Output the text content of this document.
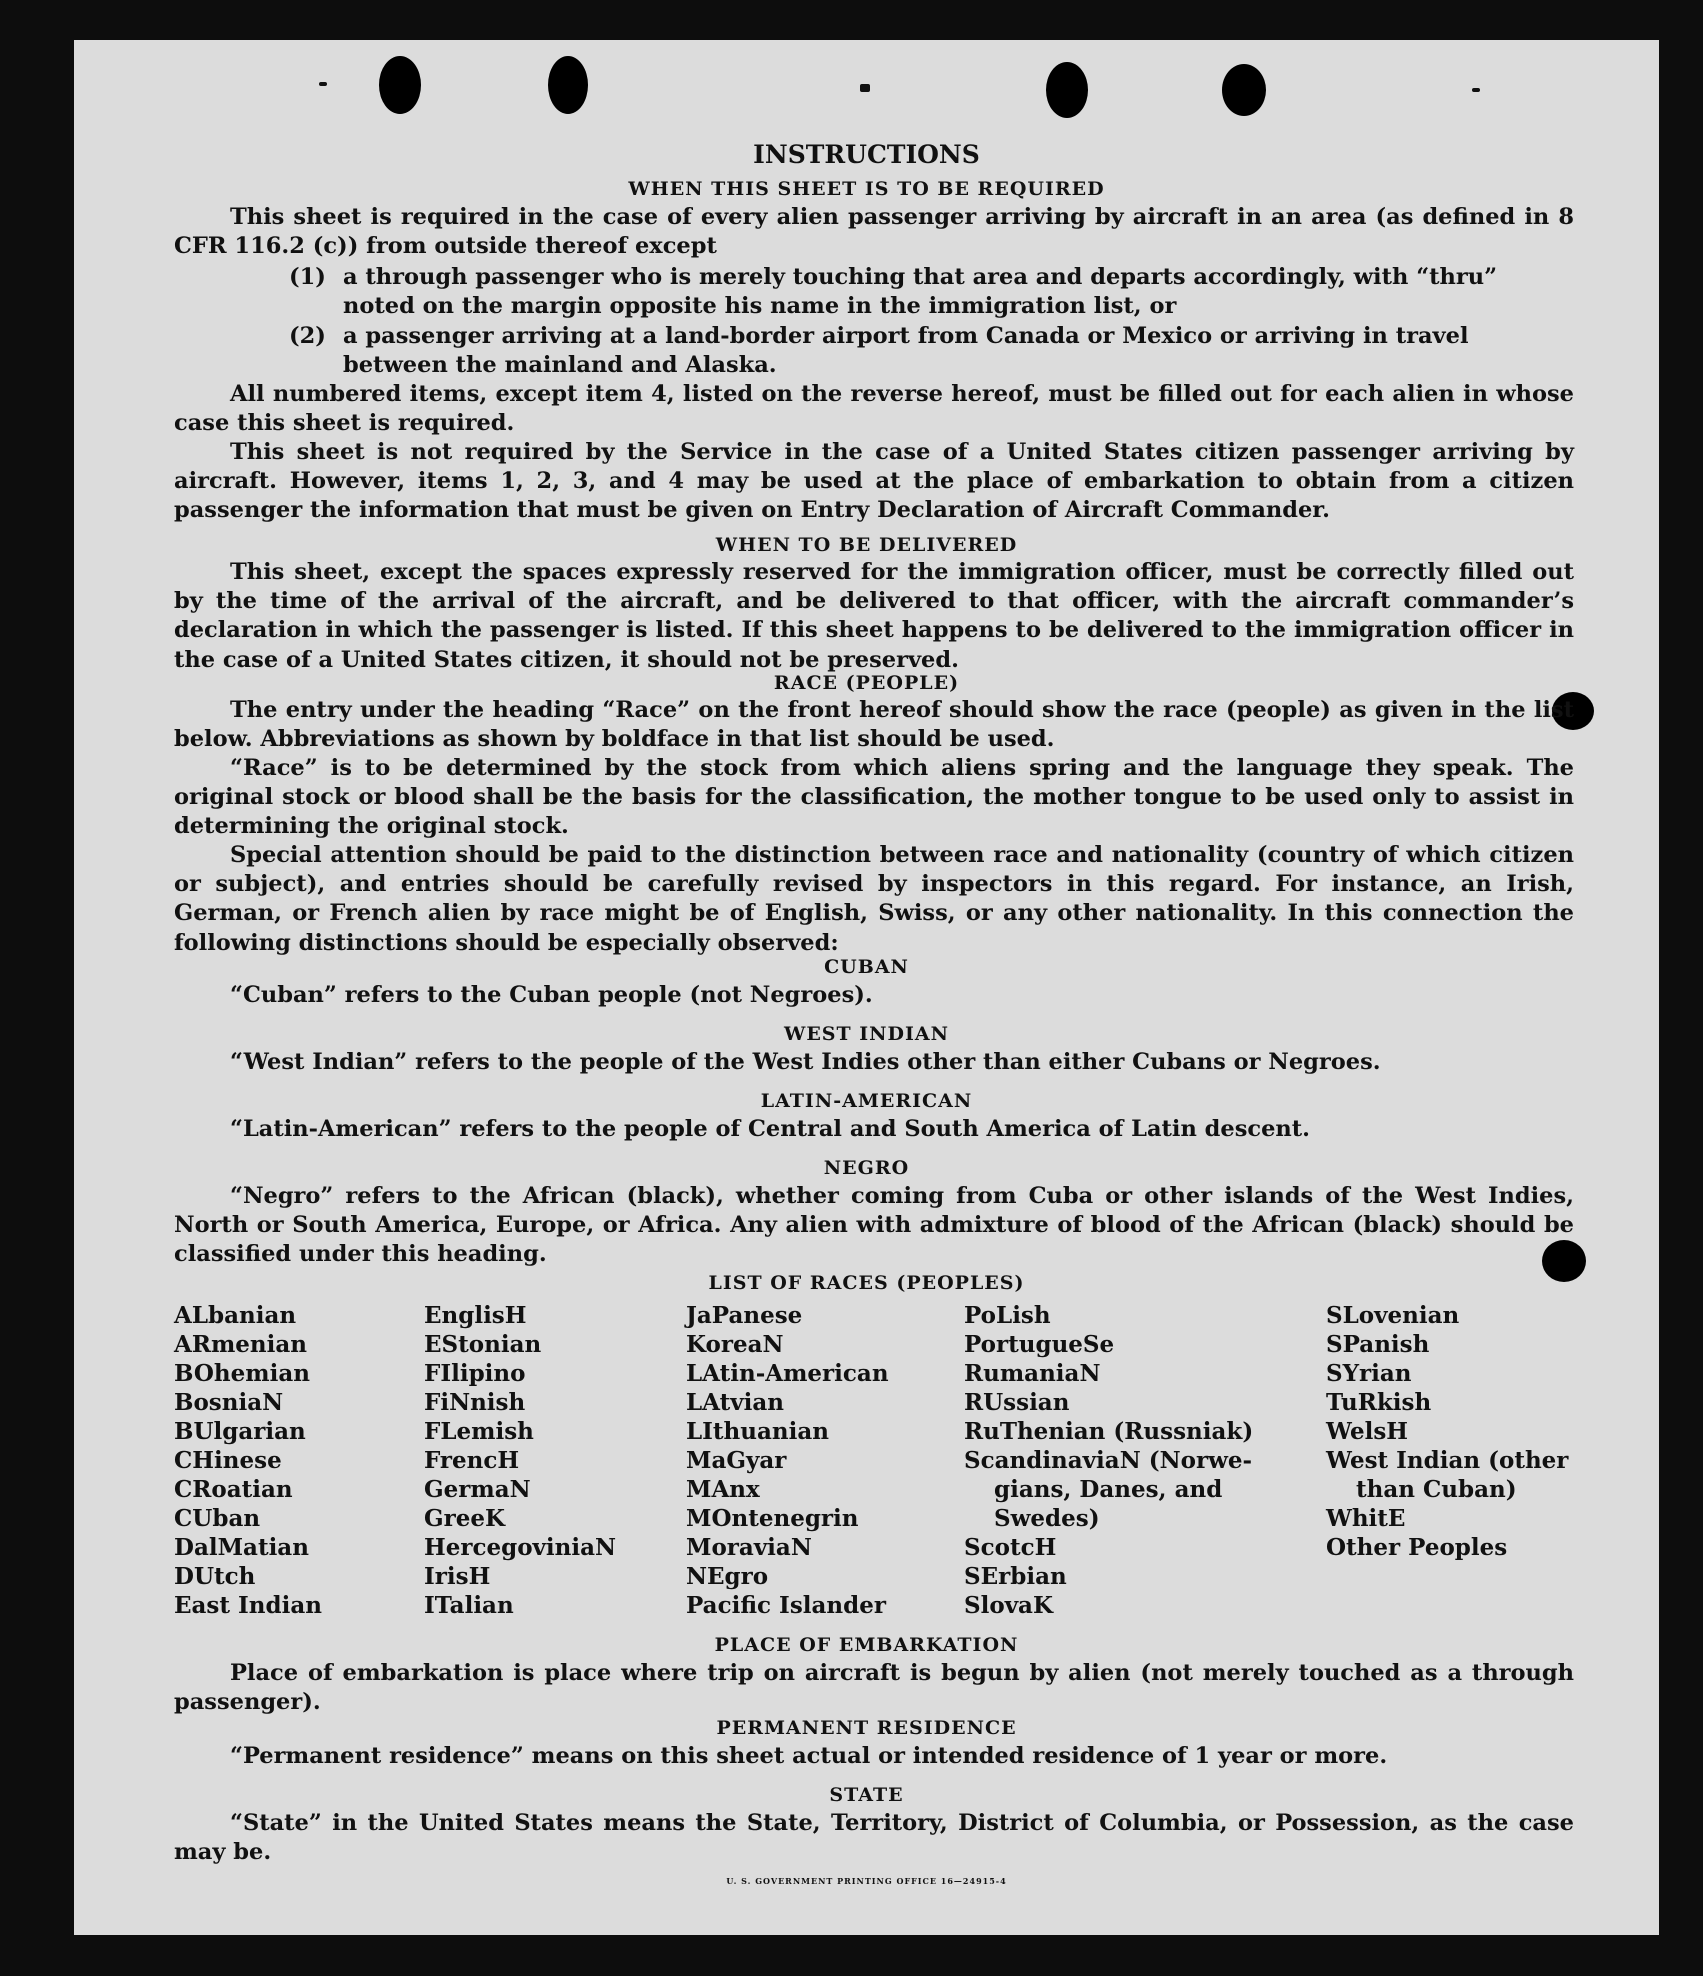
INSTRUCTIONS
WHEN THIS SHEET IS TO BE REQUIRED
This sheet is required in the case of every alien passenger arriving by aircraft in an area (as defined in 8 CFR 116.2 (c)) from outside thereof except
(1) a through passenger who is merely touching that area and departs accordingly, with “thru” noted on the margin opposite his name in the immigration list, or
(2) a passenger arriving at a land-border airport from Canada or Mexico or arriving in travel between the mainland and Alaska.
All numbered items, except item 4, listed on the reverse hereof, must be filled out for each alien in whose case this sheet is required.
This sheet is not required by the Service in the case of a United States citizen passenger arriving by aircraft. However, items 1, 2, 3, and 4 may be used at the place of embarkation to obtain from a citizen passenger the information that must be given on Entry Declaration of Aircraft Commander.
WHEN TO BE DELIVERED
This sheet, except the spaces expressly reserved for the immigration officer, must be correctly filled out by the time of the arrival of the aircraft, and be delivered to that officer, with the aircraft commander’s declaration in which the passenger is listed. If this sheet happens to be delivered to the immigration officer in the case of a United States citizen, it should not be preserved.
RACE (PEOPLE)
The entry under the heading “Race” on the front hereof should show the race (people) as given in the list below. Abbreviations as shown by boldface in that list should be used.
“Race” is to be determined by the stock from which aliens spring and the language they speak. The original stock or blood shall be the basis for the classification, the mother tongue to be used only to assist in determining the original stock.
Special attention should be paid to the distinction between race and nationality (country of which citizen or subject), and entries should be carefully revised by inspectors in this regard. For instance, an Irish, German, or French alien by race might be of English, Swiss, or any other nationality. In this connection the following distinctions should be especially observed:
CUBAN
“Cuban” refers to the Cuban people (not Negroes).
WEST INDIAN
“West Indian” refers to the people of the West Indies other than either Cubans or Negroes.
LATIN-AMERICAN
“Latin-American” refers to the people of Central and South America of Latin descent.
NEGRO
“Negro” refers to the African (black), whether coming from Cuba or other islands of the West Indies, North or South America, Europe, or Africa. Any alien with admixture of blood of the African (black) should be classified under this heading.
LIST OF RACES (PEOPLES)
ALbanian
ARmenian
BOhemian
BosniaN
BUlgarian
CHinese
CRoatian
CUban
DalMatian
DUtch
East Indian
EnglisH
EStonian
FIlipino
FiNnish
FLemish
FrencH
GermaN
GreeK
HercegoviniaN
IrisH
ITalian
JaPanese
KoreaN
LAtin-American
LAtvian
LIthuanian
MaGyar
MAnx
MOntenegrin
MoraviaN
NEgro
Pacific Islander
PoLish
PortugueSe
RumaniaN
RUssian
RuThenian (Russniak)
ScandinaviaN (Norwe-
gians, Danes, and
Swedes)
ScotcH
SErbian
SlovaK
SLovenian
SPanish
SYrian
TuRkish
WelsH
West Indian (other
than Cuban)
WhitE
Other Peoples
PLACE OF EMBARKATION
Place of embarkation is place where trip on aircraft is begun by alien (not merely touched as a through passenger).
PERMANENT RESIDENCE
“Permanent residence” means on this sheet actual or intended residence of 1 year or more.
STATE
“State” in the United States means the State, Territory, District of Columbia, or Possession, as the case may be.
U. S. GOVERNMENT PRINTING OFFICE 16—24915-4
